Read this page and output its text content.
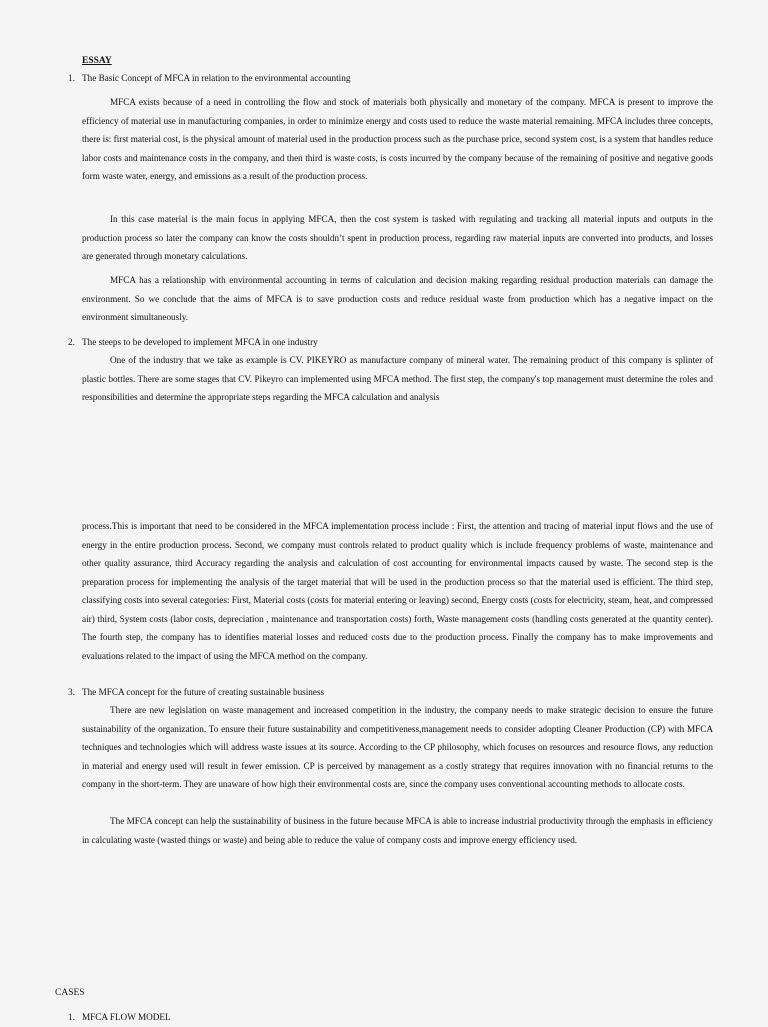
ESSAY
1. The Basic Concept of MFCA in relation to the environmental accounting

MFCA exists because of a need in controlling the flow and stock of materials both physically and monetary of the company. MFCA is present to improve the efficiency of material use in manufacturing companies, in order to minimize energy and costs used to reduce the waste material remaining. MFCA includes three concepts, there is: first material cost, is the physical amount of material used in the production process such as the purchase price, second system cost, is a system that handles reduce labor costs and maintenance costs in the company, and then third is waste costs, is costs incurred by the company because of the remaining of positive and negative goods form waste water, energy, and emissions as a result of the production process.

In this case material is the main focus in applying MFCA, then the cost system is tasked with regulating and tracking all material inputs and outputs in the production process so later the company can know the costs shouldn’t spent in production process, regarding raw material inputs are converted into products, and losses are generated through monetary calculations.

MFCA has a relationship with environmental accounting in terms of calculation and decision making regarding residual production materials can damage the environment. So we conclude that the aims of MFCA is to save production costs and reduce residual waste from production which has a negative impact on the environment simultaneously.

2. The steeps to be developed to implement MFCA in one industry

One of the industry that we take as example is CV. PIKEYRO as manufacture company of mineral water. The remaining product of this company is splinter of plastic bottles. There are some stages that CV. Pikeyro can implemented using MFCA method. The first step, the company's top management must determine the roles and responsibilities and determine the appropriate steps regarding the MFCA calculation and analysis

process.This is important that need to be considered in the MFCA implementation process include : First, the attention and tracing of material input flows and the use of energy in the entire production process. Second, we company must controls related to product quality which is include frequency problems of waste, maintenance and other quality assurance, third Accuracy regarding the analysis and calculation of cost accounting for environmental impacts caused by waste. The second step is the preparation process for implementing the analysis of the target material that will be used in the production process so that the material used is efficient. The third step, classifying costs into several categories: First, Material costs (costs for material entering or leaving) second, Energy costs (costs for electricity, steam, heat, and compressed air) third, System costs (labor costs, depreciation , maintenance and transportation costs) forth, Waste management costs (handling costs generated at the quantity center). The fourth step, the company has to identifies material losses and reduced costs due to the production process. Finally the company has to make improvements and evaluations related to the impact of using the MFCA method on the company.

3. The MFCA concept for the future of creating sustainable business

There are new legislation on waste management and increased competition in the industry, the company needs to make strategic decision to ensure the future sustainability of the organization. To ensure their future sustainability and competitiveness,management needs to consider adopting Cleaner Production (CP) with MFCA techniques and technologies which will address waste issues at its source. According to the CP philosophy, which focuses on resources and resource flows, any reduction in material and energy used will result in fewer emission. CP is perceived by management as a costly strategy that requires innovation with no financial returns to the company in the short-term. They are unaware of how high their environmental costs are, since the company uses conventional accounting methods to allocate costs.

The MFCA concept can help the sustainability of business in the future because MFCA is able to increase industrial productivity through the emphasis in efficiency in calculating waste (wasted things or waste) and being able to reduce the value of company costs and improve energy efficiency used.

CASES
1. MFCA FLOW MODEL
